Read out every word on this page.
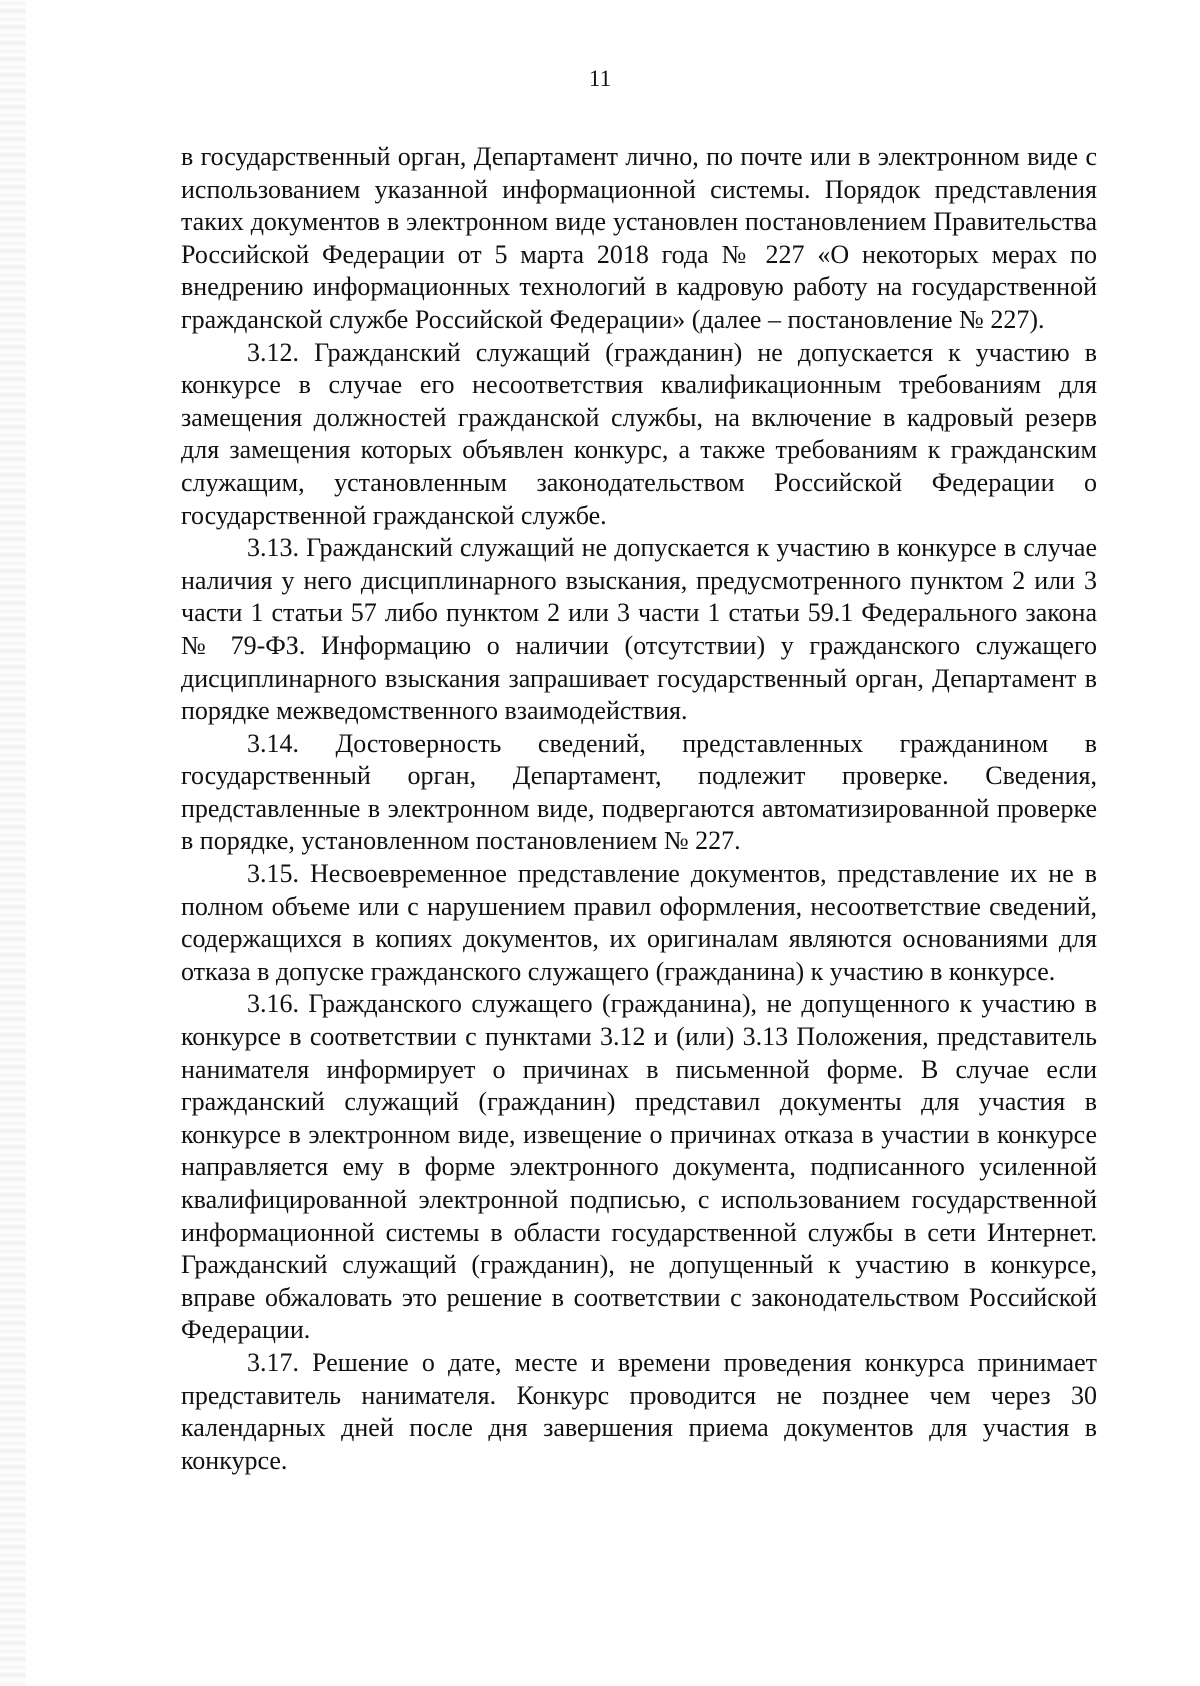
11

в государственный орган, Департамент лично, по почте или в электронном виде с использованием указанной информационной системы. Порядок представления таких документов в электронном виде установлен постановлением Правительства Российской Федерации от 5 марта 2018 года № 227 «О некоторых мерах по внедрению информационных технологий в кадровую работу на государственной гражданской службе Российской Федерации» (далее – постановление № 227).

3.12. Гражданский служащий (гражданин) не допускается к участию в конкурсе в случае его несоответствия квалификационным требованиям для замещения должностей гражданской службы, на включение в кадровый резерв для замещения которых объявлен конкурс, а также требованиям к гражданским служащим, установленным законодательством Российской Федерации о государственной гражданской службе.

3.13. Гражданский служащий не допускается к участию в конкурсе в случае наличия у него дисциплинарного взыскания, предусмотренного пунктом 2 или 3 части 1 статьи 57 либо пунктом 2 или 3 части 1 статьи 59.1 Федерального закона № 79-ФЗ. Информацию о наличии (отсутствии) у гражданского служащего дисциплинарного взыскания запрашивает государственный орган, Департамент в порядке межведомственного взаимодействия.

3.14. Достоверность сведений, представленных гражданином в государственный орган, Департамент, подлежит проверке. Сведения, представленные в электронном виде, подвергаются автоматизированной проверке в порядке, установленном постановлением № 227.

3.15. Несвоевременное представление документов, представление их не в полном объеме или с нарушением правил оформления, несоответствие сведений, содержащихся в копиях документов, их оригиналам являются основаниями для отказа в допуске гражданского служащего (гражданина) к участию в конкурсе.

3.16. Гражданского служащего (гражданина), не допущенного к участию в конкурсе в соответствии с пунктами 3.12 и (или) 3.13 Положения, представитель нанимателя информирует о причинах в письменной форме. В случае если гражданский служащий (гражданин) представил документы для участия в конкурсе в электронном виде, извещение о причинах отказа в участии в конкурсе направляется ему в форме электронного документа, подписанного усиленной квалифицированной электронной подписью, с использованием государственной информационной системы в области государственной службы в сети Интернет. Гражданский служащий (гражданин), не допущенный к участию в конкурсе, вправе обжаловать это решение в соответствии с законодательством Российской Федерации.

3.17. Решение о дате, месте и времени проведения конкурса принимает представитель нанимателя. Конкурс проводится не позднее чем через 30 календарных дней после дня завершения приема документов для участия в конкурсе.
